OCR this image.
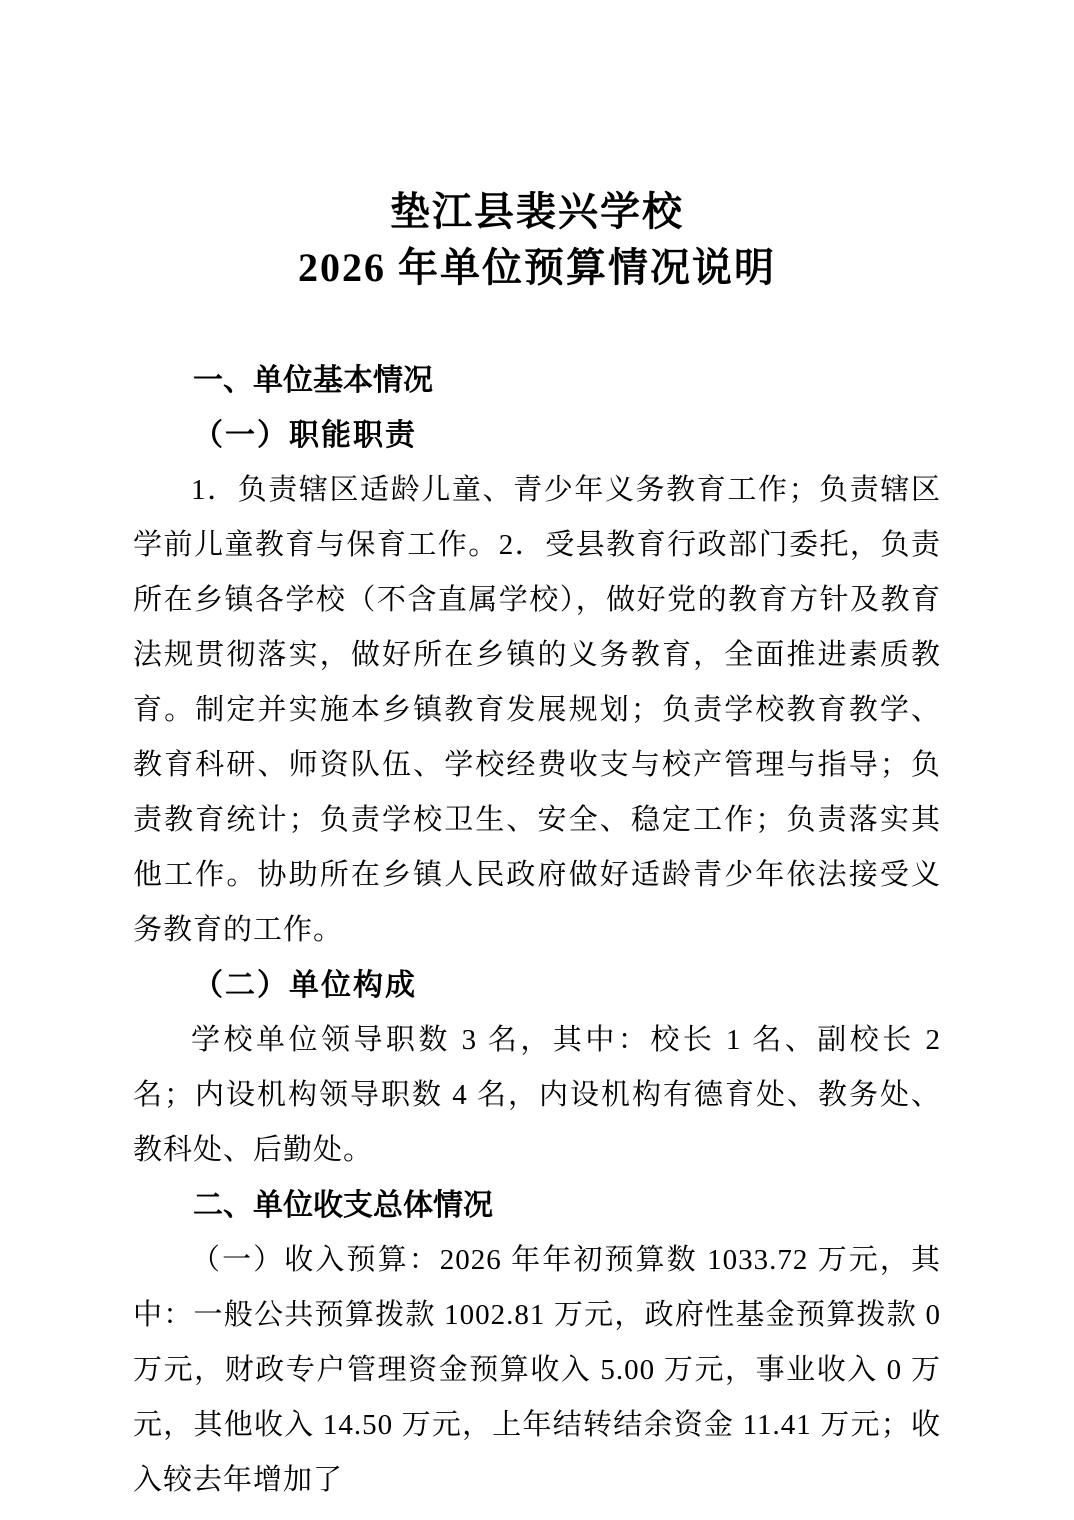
垫江县裴兴学校
2026 年单位预算情况说明
一、单位基本情况
（一）职能职责

1．负责辖区适龄儿童、青少年义务教育工作；负责辖区学前儿童教育与保育工作。2．受县教育行政部门委托，负责所在乡镇各学校（不含直属学校），做好党的教育方针及教育法规贯彻落实，做好所在乡镇的义务教育，全面推进素质教育。制定并实施本乡镇教育发展规划；负责学校教育教学、教育科研、师资队伍、学校经费收支与校产管理与指导；负责教育统计；负责学校卫生、安全、稳定工作；负责落实其他工作。协助所在乡镇人民政府做好适龄青少年依法接受义务教育的工作。

（二）单位构成

学校单位领导职数 3 名，其中：校长 1 名、副校长 2 名；内设机构领导职数 4 名，内设机构有德育处、教务处、教科处、后勤处。

二、单位收支总体情况

（一）收入预算：2026 年年初预算数 1033.72 万元，其中：一般公共预算拨款 1002.81 万元，政府性基金预算拨款 0 万元，财政专户管理资金预算收入 5.00 万元，事业收入 0 万元，其他收入 14.50 万元，上年结转结余资金 11.41 万元；收入较去年增加了
